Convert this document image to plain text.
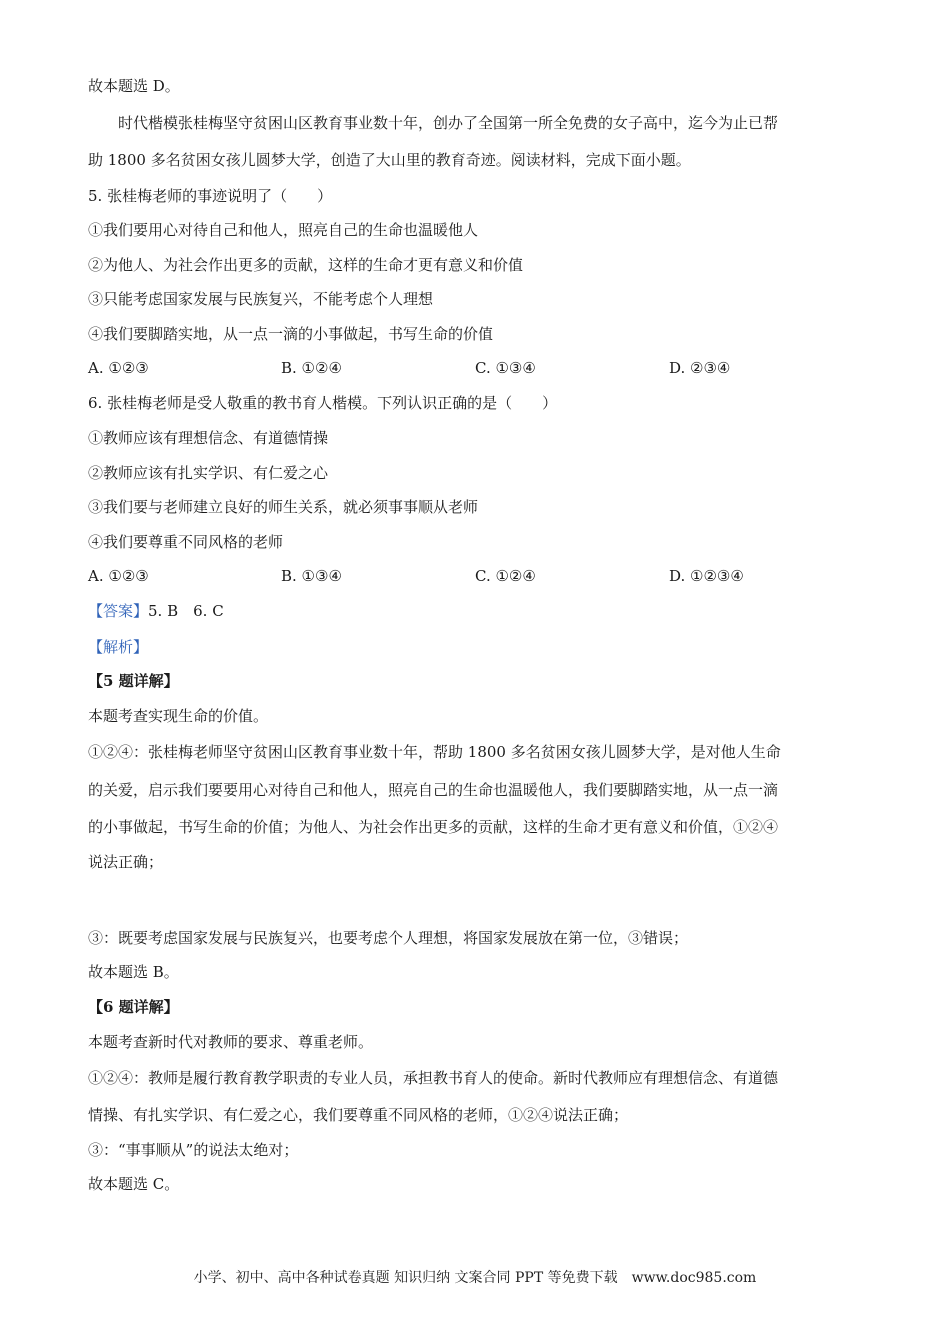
故本题选 D。
时代楷模张桂梅坚守贫困山区教育事业数十年，创办了全国第一所全免费的女子高中，迄今为止已帮
助 1800 多名贫困女孩儿圆梦大学，创造了大山里的教育奇迹。阅读材料，完成下面小题。
5. 张桂梅老师的事迹说明了（　　）
①我们要用心对待自己和他人，照亮自己的生命也温暖他人
②为他人、为社会作出更多的贡献，这样的生命才更有意义和价值
③只能考虑国家发展与民族复兴，不能考虑个人理想
④我们要脚踏实地，从一点一滴的小事做起，书写生命的价值
A. ①②③	B. ①②④	C. ①③④	D. ②③④
6. 张桂梅老师是受人敬重的教书育人楷模。下列认识正确的是（　　）
①教师应该有理想信念、有道德情操
②教师应该有扎实学识、有仁爱之心
③我们要与老师建立良好的师生关系，就必须事事顺从老师
④我们要尊重不同风格的老师
A. ①②③	B. ①③④	C. ①②④	D. ①②③④
【答案】5. B　6. C
【解析】
【5 题详解】
本题考查实现生命的价值。
①②④：张桂梅老师坚守贫困山区教育事业数十年，帮助 1800 多名贫困女孩儿圆梦大学，是对他人生命
的关爱，启示我们要要用心对待自己和他人，照亮自己的生命也温暖他人，我们要脚踏实地，从一点一滴
的小事做起，书写生命的价值；为他人、为社会作出更多的贡献，这样的生命才更有意义和价值，①②④
说法正确；
③：既要考虑国家发展与民族复兴，也要考虑个人理想，将国家发展放在第一位，③错误；
故本题选 B。
【6 题详解】
本题考查新时代对教师的要求、尊重老师。
①②④：教师是履行教育教学职责的专业人员，承担教书育人的使命。新时代教师应有理想信念、有道德
情操、有扎实学识、有仁爱之心，我们要尊重不同风格的老师，①②④说法正确；
③：“事事顺从”的说法太绝对；
故本题选 C。
小学、初中、高中各种试卷真题 知识归纳 文案合同 PPT 等免费下载　www.doc985.com
